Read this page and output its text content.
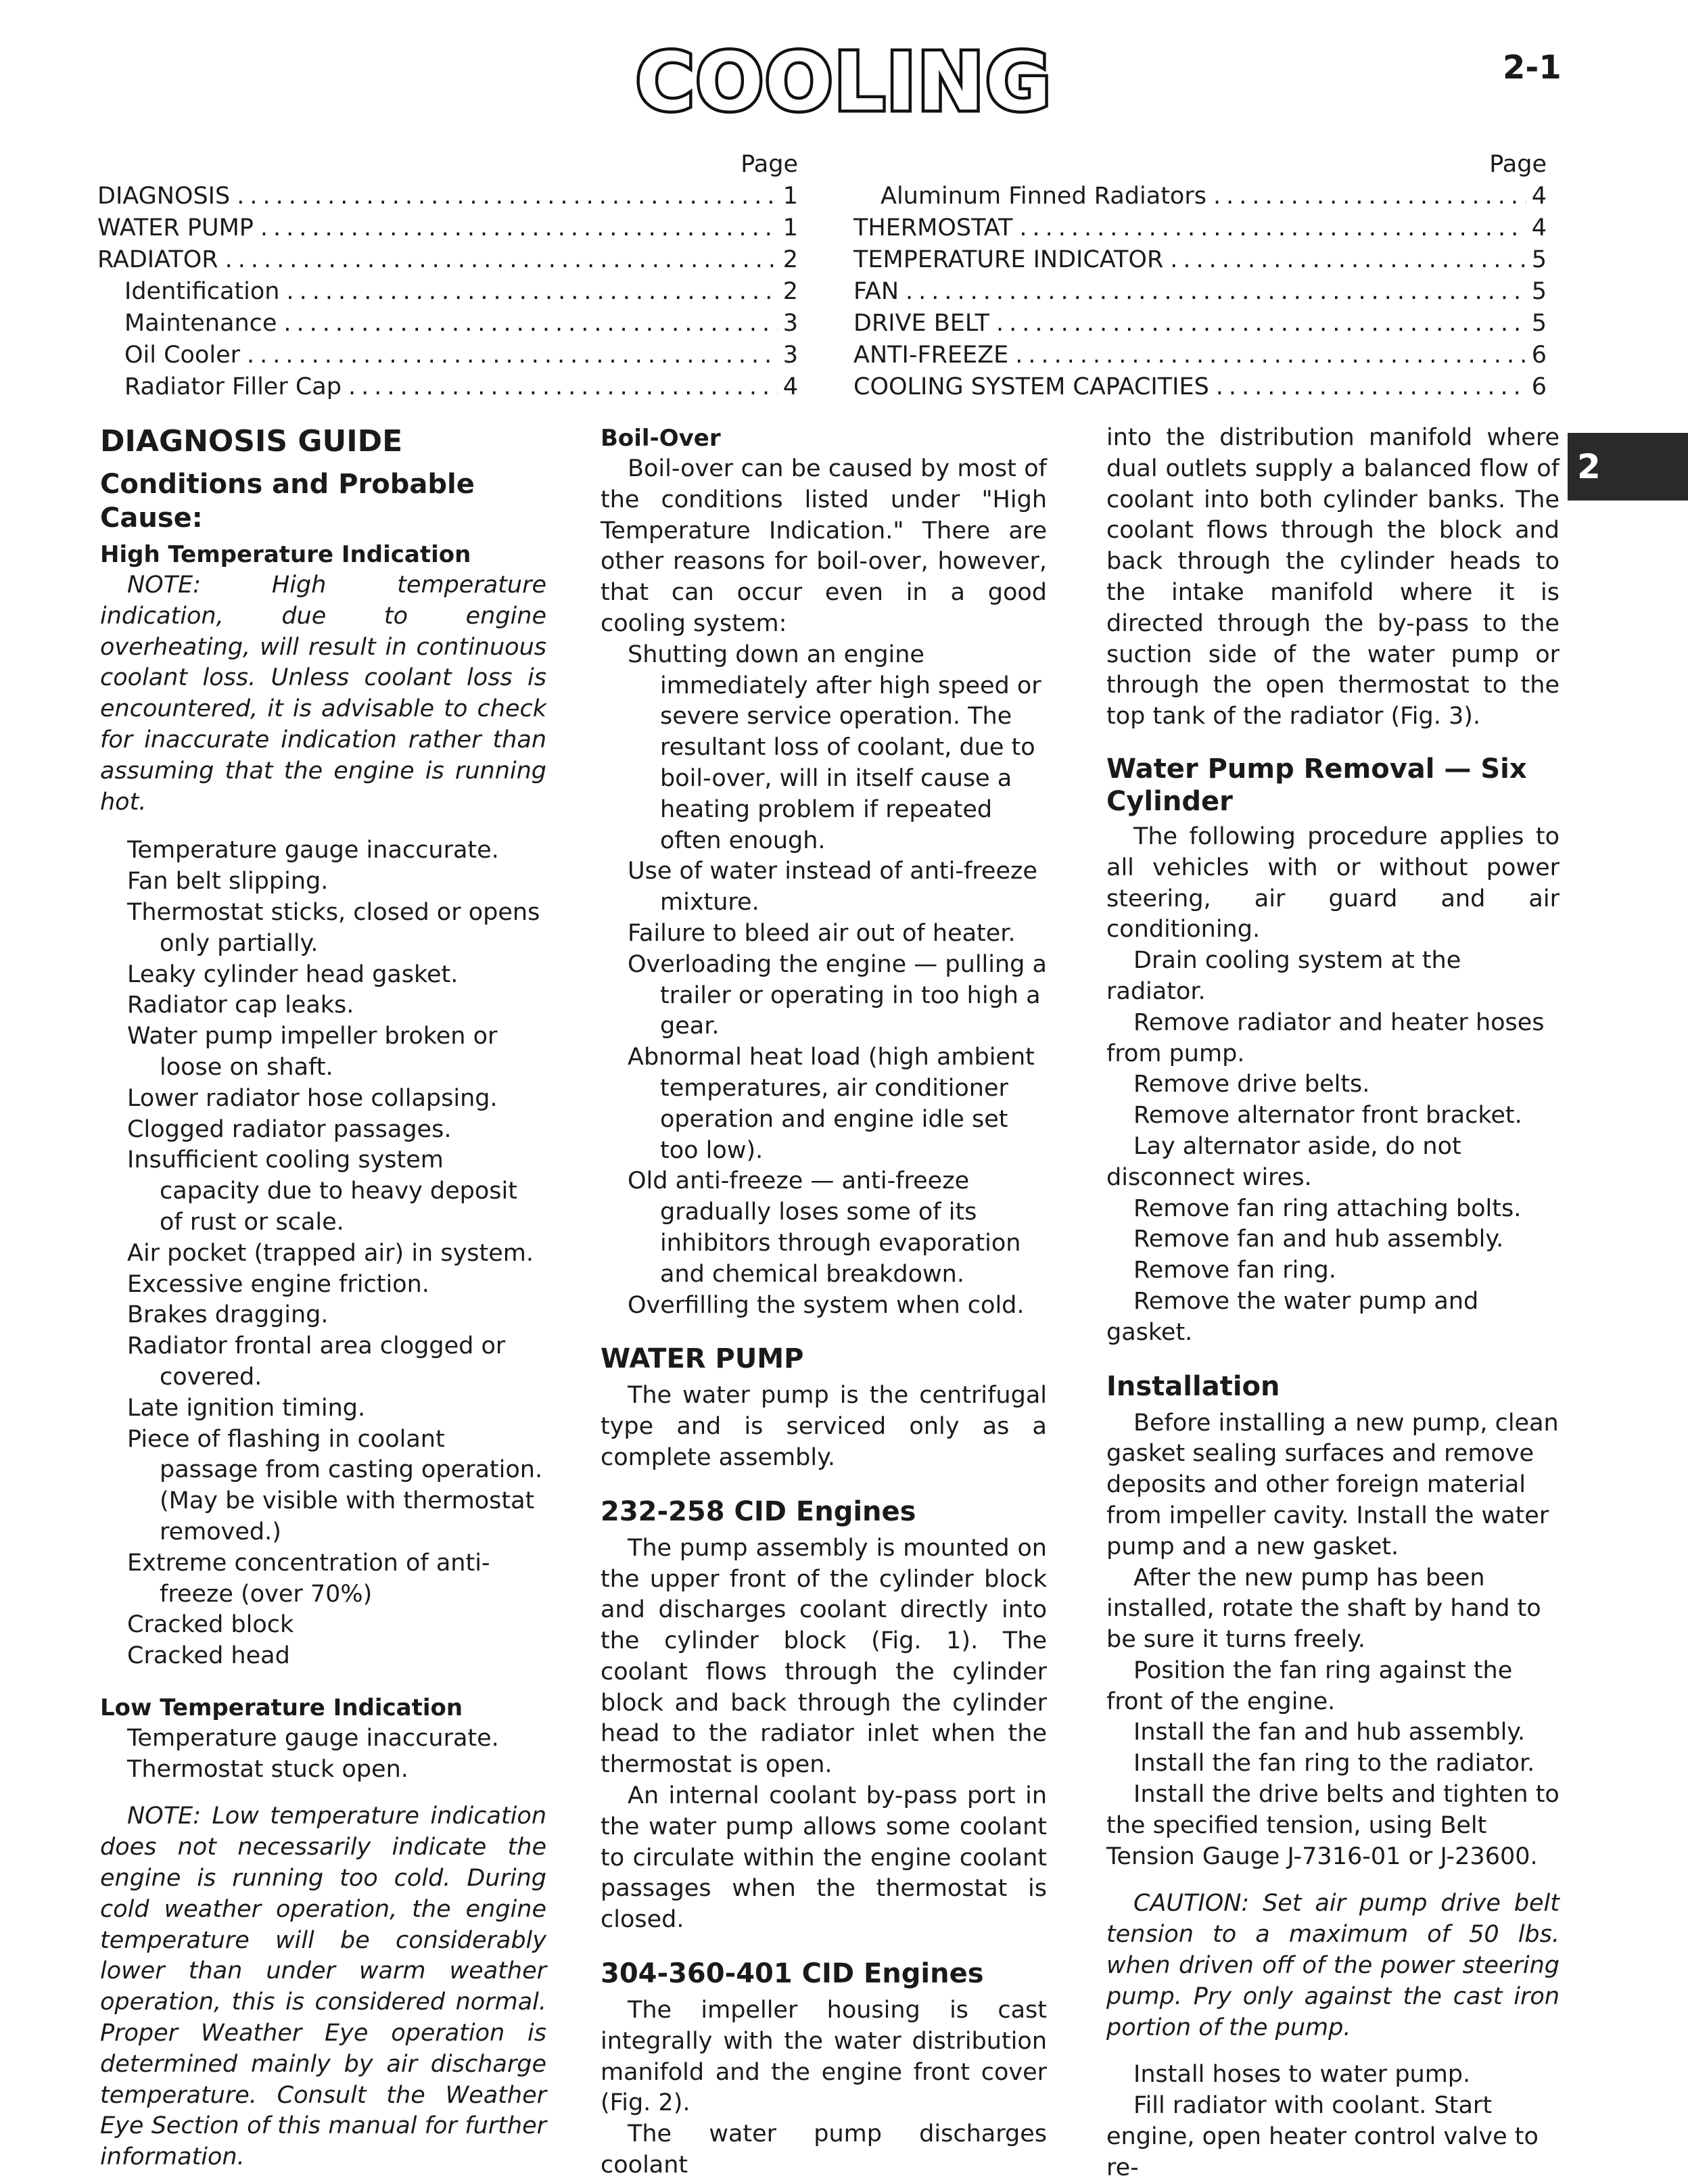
COOLING	2-1
Page
DIAGNOSIS .....	1
WATER PUMP .....	1
RADIATOR .....	2
Identification .....	2
Maintenance .....	3
Oil Cooler .....	3
Radiator Filler Cap .....	4
Page
Aluminum Finned Radiators .....	4
THERMOSTAT .....	4
TEMPERATURE INDICATOR .....	5
FAN .....	5
DRIVE BELT .....	5
ANTI-FREEZE .....	6
COOLING SYSTEM CAPACITIES .....	6
2
DIAGNOSIS GUIDE
Conditions and Probable Cause:
High Temperature Indication

NOTE: High temperature indication, due to engine overheating, will result in continuous coolant loss. Unless coolant loss is encountered, it is advisable to check for inaccurate indication rather than assuming that the engine is running hot.

Temperature gauge inaccurate.
Fan belt slipping.
Thermostat sticks, closed or opens only partially.
Leaky cylinder head gasket.
Radiator cap leaks.
Water pump impeller broken or loose on shaft.
Lower radiator hose collapsing.
Clogged radiator passages.
Insufficient cooling system capacity due to heavy deposit of rust or scale.
Air pocket (trapped air) in system.
Excessive engine friction.
Brakes dragging.
Radiator frontal area clogged or covered.
Late ignition timing.
Piece of flashing in coolant passage from casting operation. (May be visible with thermostat removed.)
Extreme concentration of anti-freeze (over 70%)
Cracked block
Cracked head
Low Temperature Indication
Temperature gauge inaccurate.
Thermostat stuck open.

NOTE: Low temperature indication does not necessarily indicate the engine is running too cold. During cold weather operation, the engine temperature will be considerably lower than under warm weather operation, this is considered normal. Proper Weather Eye operation is determined mainly by air discharge temperature. Consult the Weather Eye Section of this manual for further information.

Boil-Over

Boil-over can be caused by most of the conditions listed under "High Temperature Indication." There are other reasons for boil-over, however, that can occur even in a good cooling system:

Shutting down an engine immediately after high speed or severe service operation. The resultant loss of coolant, due to boil-over, will in itself cause a heating problem if repeated often enough.
Use of water instead of anti-freeze mixture.
Failure to bleed air out of heater.
Overloading the engine — pulling a trailer or operating in too high a gear.
Abnormal heat load (high ambient temperatures, air conditioner operation and engine idle set too low).
Old anti-freeze — anti-freeze gradually loses some of its inhibitors through evaporation and chemical breakdown.
Overfilling the system when cold.
WATER PUMP

The water pump is the centrifugal type and is serviced only as a complete assembly.

232-258 CID Engines

The pump assembly is mounted on the upper front of the cylinder block and discharges coolant directly into the cylinder block (Fig. 1). The coolant flows through the cylinder block and back through the cylinder head to the radiator inlet when the thermostat is open.

An internal coolant by-pass port in the water pump allows some coolant to circulate within the engine coolant passages when the thermostat is closed.

304-360-401 CID Engines

The impeller housing is cast integrally with the water distribution manifold and the engine front cover (Fig. 2).

The water pump discharges coolant

into the distribution manifold where dual outlets supply a balanced flow of coolant into both cylinder banks. The coolant flows through the block and back through the cylinder heads to the intake manifold where it is directed through the by-pass to the suction side of the water pump or through the open thermostat to the top tank of the radiator (Fig. 3).

Water Pump Removal — Six Cylinder

The following procedure applies to all vehicles with or without power steering, air guard and air conditioning.

Drain cooling system at the radiator.
Remove radiator and heater hoses from pump.
Remove drive belts.
Remove alternator front bracket.
Lay alternator aside, do not disconnect wires.
Remove fan ring attaching bolts.
Remove fan and hub assembly.
Remove fan ring.
Remove the water pump and gasket.
Installation
Before installing a new pump, clean gasket sealing surfaces and remove deposits and other foreign material from impeller cavity. Install the water pump and a new gasket.
After the new pump has been installed, rotate the shaft by hand to be sure it turns freely.
Position the fan ring against the front of the engine.
Install the fan and hub assembly.
Install the fan ring to the radiator.
Install the drive belts and tighten to the specified tension, using Belt Tension Gauge J-7316-01 or J-23600.

CAUTION: Set air pump drive belt tension to a maximum of 50 lbs. when driven off of the power steering pump. Pry only against the cast iron portion of the pump.

Install hoses to water pump.
Fill radiator with coolant. Start engine, open heater control valve to re-
